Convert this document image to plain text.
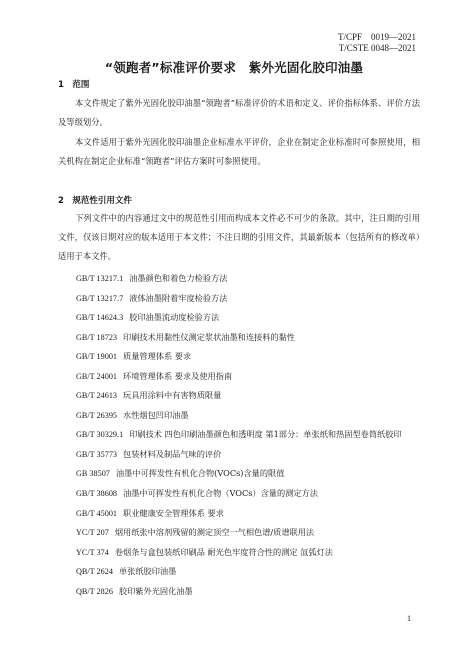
T/CPF　0019—2021
T/CSTE 0048—2021
“领跑者”标准评价要求　紫外光固化胶印油墨
1　范围

本文件规定了紫外光固化胶印油墨“领跑者”标准评价的术语和定义、评价指标体系、评价方法及等级划分。

本文件适用于紫外光固化胶印油墨企业标准水平评价，企业在制定企业标准时可参照使用，相关机构在制定企业标准“领跑者”评估方案时可参照使用。

2　规范性引用文件

下列文件中的内容通过文中的规范性引用而构成本文件必不可少的条款。其中，注日期的引用文件，仅该日期对应的版本适用于本文件；不注日期的引用文件，其最新版本（包括所有的修改单）适用于本文件。

GB/T 13217.1 油墨颜色和着色力检验方法
GB/T 13217.7 液体油墨附着牢度检验方法
GB/T 14624.3 胶印油墨流动度检验方法
GB/T 18723 印刷技术用黏性仪测定浆状油墨和连接料的黏性
GB/T 19001 质量管理体系 要求
GB/T 24001 环境管理体系 要求及使用指南
GB/T 24613 玩具用涂料中有害物质限量
GB/T 26395 水性烟包凹印油墨
GB/T 30329.1 印刷技术 四色印刷油墨颜色和透明度 第1部分：单张纸和热固型卷筒纸胶印
GB/T 35773 包装材料及制品气味的评价
GB 38507 油墨中可挥发性有机化合物(VOCs)含量的限值
GB/T 38608 油墨中可挥发性有机化合物（VOCs）含量的测定方法
GB/T 45001 职业健康安全管理体系 要求
YC/T 207 烟用纸张中溶剂残留的测定顶空一气相色谱/质谱联用法
YC/T 374 卷烟条与盒包装纸印刷品 耐光色牢度符合性的测定 氙弧灯法
QB/T 2624 单张纸胶印油墨
QB/T 2826 胶印紫外光固化油墨
1
